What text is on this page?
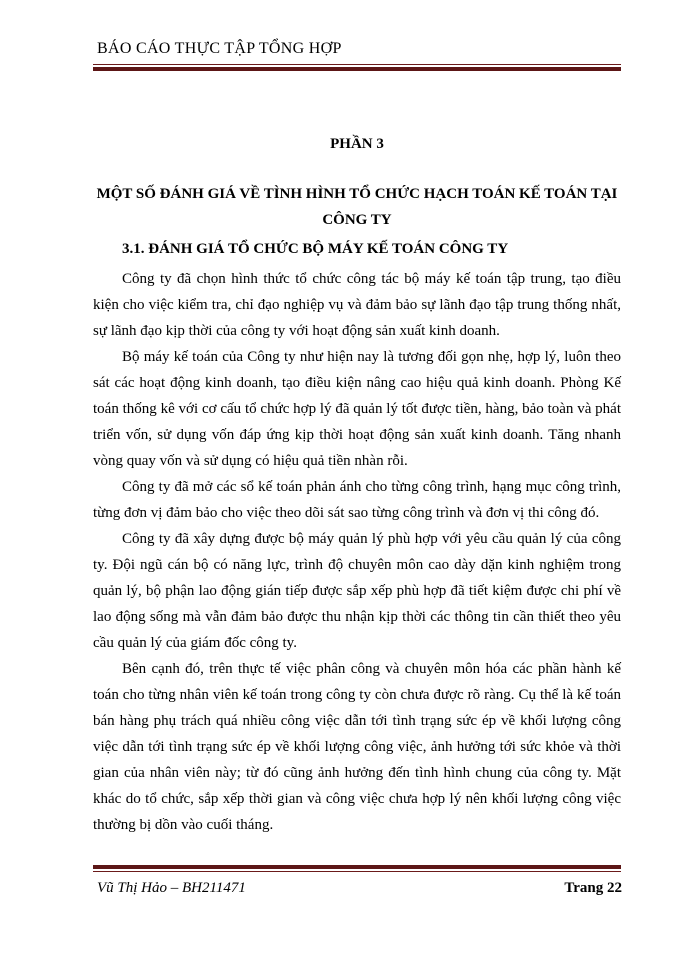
BÁO CÁO THỰC TẬP TỔNG HỢP
PHẦN 3
MỘT SỐ ĐÁNH GIÁ VỀ TÌNH HÌNH TỔ CHỨC HẠCH TOÁN KẾ TOÁN TẠI CÔNG TY
3.1. ĐÁNH GIÁ TỔ CHỨC BỘ MÁY KẾ TOÁN CÔNG TY

Công ty đã chọn hình thức tổ chức công tác bộ máy kế toán tập trung, tạo điều kiện cho việc kiểm tra, chỉ đạo nghiệp vụ và đảm bảo sự lãnh đạo tập trung thống nhất, sự lãnh đạo kịp thời của công ty với hoạt động sản xuất kinh doanh.

Bộ máy kế toán của Công ty như hiện nay là tương đối gọn nhẹ, hợp lý, luôn theo sát các hoạt động kinh doanh, tạo điều kiện nâng cao hiệu quả kinh doanh. Phòng Kế toán thống kê với cơ cấu tổ chức hợp lý đã quản lý tốt được tiền, hàng, bảo toàn và phát triển vốn, sử dụng vốn đáp ứng kịp thời hoạt động sản xuất kinh doanh. Tăng nhanh vòng quay vốn và sử dụng có hiệu quả tiền nhàn rỗi.

Công ty đã mở các sổ kế toán phản ánh cho từng công trình, hạng mục công trình, từng đơn vị đảm bảo cho việc theo dõi sát sao từng công trình và đơn vị thi công đó.

Công ty đã xây dựng được bộ máy quản lý phù hợp với yêu cầu quản lý của công ty. Đội ngũ cán bộ có năng lực, trình độ chuyên môn cao dày dặn kinh nghiệm trong quản lý, bộ phận lao động gián tiếp được sắp xếp phù hợp đã tiết kiệm được chi phí về lao động sống mà vẫn đảm bảo được thu nhận kịp thời các thông tin cần thiết theo yêu cầu quản lý của giám đốc công ty.

Bên cạnh đó, trên thực tế việc phân công và chuyên môn hóa các phần hành kế toán cho từng nhân viên kế toán trong công ty còn chưa được rõ ràng. Cụ thể là kế toán bán hàng phụ trách quá nhiều công việc dẫn tới tình trạng sức ép về khối lượng công việc dẫn tới tình trạng sức ép về khối lượng công việc, ảnh hưởng tới sức khỏe và thời gian của nhân viên này; từ đó cũng ảnh hưởng đến tình hình chung của công ty. Mặt khác do tổ chức, sắp xếp thời gian và công việc chưa hợp lý nên khối lượng công việc thường bị dồn vào cuối tháng.

Vũ Thị Hảo – BH211471	Trang 22
